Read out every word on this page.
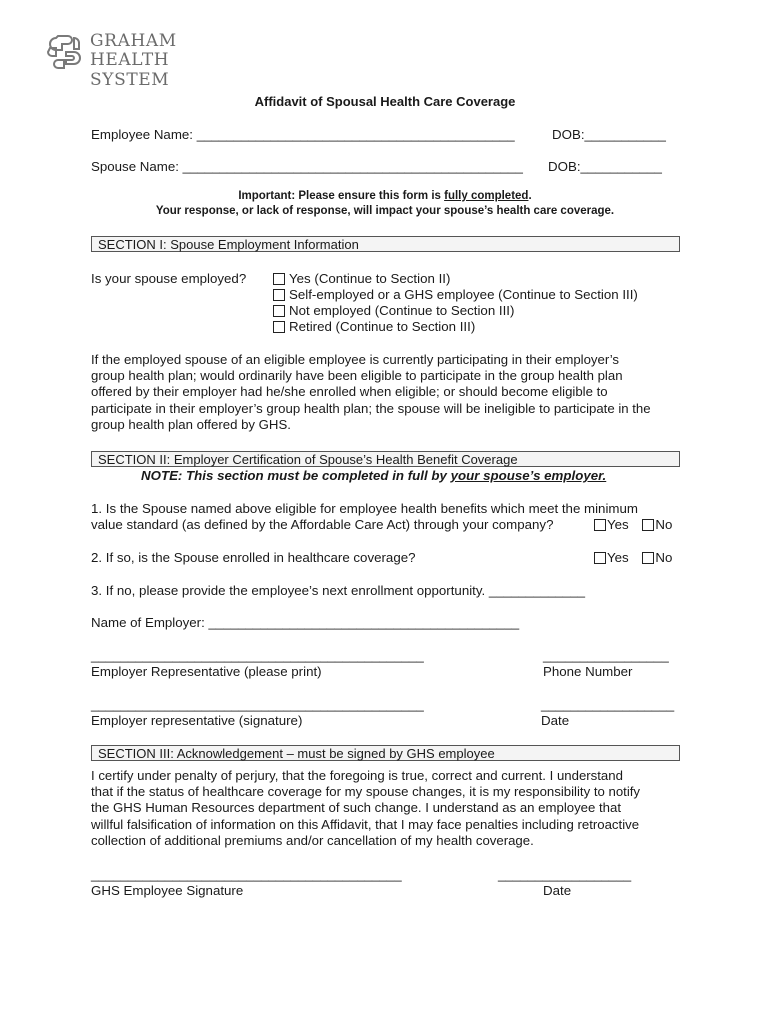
GRAHAM
HEALTH SYSTEM
Affidavit of Spousal Health Care Coverage
Employee Name: ___________________________________________	DOB:___________
Spouse Name: ______________________________________________ DOB:___________
Important: Please ensure this form is fully completed.
Your response, or lack of response, will impact your spouse’s health care coverage.
SECTION I: Spouse Employment Information
Is your spouse employed?	Yes (Continue to Section II)
Self-employed or a GHS employee (Continue to Section III)
Not employed (Continue to Section III)
Retired (Continue to Section III)
If the employed spouse of an eligible employee is currently participating in their employer’s
group health plan; would ordinarily have been eligible to participate in the group health plan
offered by their employer had he/she enrolled when eligible; or should become eligible to
participate in their employer’s group health plan; the spouse will be ineligible to participate in the
group health plan offered by GHS.
SECTION II: Employer Certification of Spouse’s Health Benefit Coverage
NOTE: This section must be completed in full by your spouse’s employer.
1. Is the Spouse named above eligible for employee health benefits which meet the minimum
value standard (as defined by the Affordable Care Act) through your company?	Yes No
2. If so, is the Spouse enrolled in healthcare coverage?	Yes No
3. If no, please provide the employee’s next enrollment opportunity. _____________
Name of Employer: __________________________________________
_____________________________________________
Employer Representative (please print)
_________________
Phone Number
_____________________________________________
Employer representative (signature)
__________________
Date
SECTION III: Acknowledgement – must be signed by GHS employee
I certify under penalty of perjury, that the foregoing is true, correct and current. I understand
that if the status of healthcare coverage for my spouse changes, it is my responsibility to notify
the GHS Human Resources department of such change. I understand as an employee that
willful falsification of information on this Affidavit, that I may face penalties including retroactive
collection of additional premiums and/or cancellation of my health coverage.
__________________________________________
GHS Employee Signature
__________________
Date
